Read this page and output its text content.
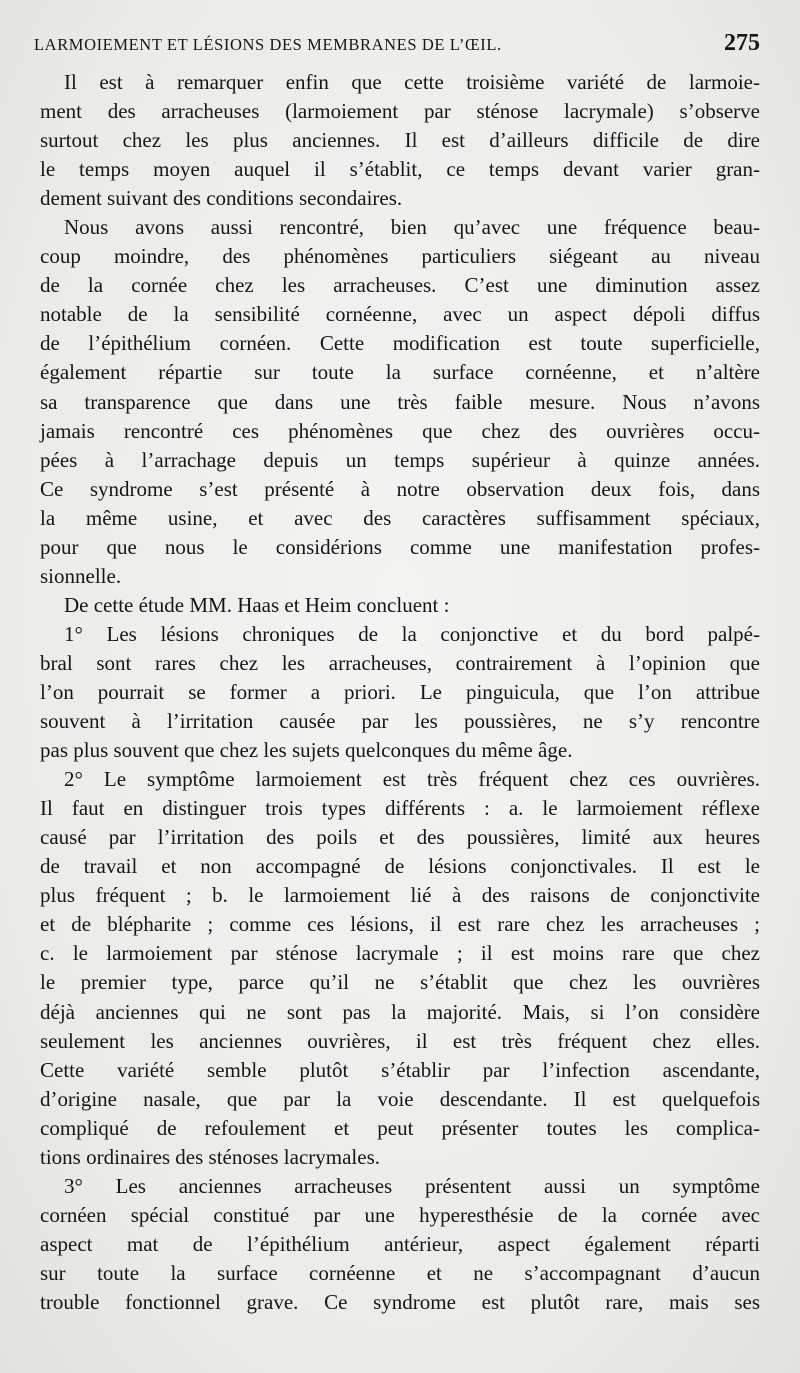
LARMOIEMENT ET LÉSIONS DES MEMBRANES DE L’ŒIL.	275
Il est à remarquer enfin que cette troisième variété de larmoie-
ment des arracheuses (larmoiement par sténose lacrymale) s’observe
surtout chez les plus anciennes. Il est d’ailleurs difficile de dire
le temps moyen auquel il s’établit, ce temps devant varier gran-
dement suivant des conditions secondaires.
Nous avons aussi rencontré, bien qu’avec une fréquence beau-
coup moindre, des phénomènes particuliers siégeant au niveau
de la cornée chez les arracheuses. C’est une diminution assez
notable de la sensibilité cornéenne, avec un aspect dépoli diffus
de l’épithélium cornéen. Cette modification est toute superficielle,
également répartie sur toute la surface cornéenne, et n’altère
sa transparence que dans une très faible mesure. Nous n’avons
jamais rencontré ces phénomènes que chez des ouvrières occu-
pées à l’arrachage depuis un temps supérieur à quinze années.
Ce syndrome s’est présenté à notre observation deux fois, dans
la même usine, et avec des caractères suffisamment spéciaux,
pour que nous le considérions comme une manifestation profes-
sionnelle.
De cette étude MM. Haas et Heim concluent :
1° Les lésions chroniques de la conjonctive et du bord palpé-
bral sont rares chez les arracheuses, contrairement à l’opinion que
l’on pourrait se former a priori. Le pinguicula, que l’on attribue
souvent à l’irritation causée par les poussières, ne s’y rencontre
pas plus souvent que chez les sujets quelconques du même âge.
2° Le symptôme larmoiement est très fréquent chez ces ouvrières.
Il faut en distinguer trois types différents : a. le larmoiement réflexe
causé par l’irritation des poils et des poussières, limité aux heures
de travail et non accompagné de lésions conjonctivales. Il est le
plus fréquent ; b. le larmoiement lié à des raisons de conjonctivite
et de blépharite ; comme ces lésions, il est rare chez les arracheuses ;
c. le larmoiement par sténose lacrymale ; il est moins rare que chez
le premier type, parce qu’il ne s’établit que chez les ouvrières
déjà anciennes qui ne sont pas la majorité. Mais, si l’on considère
seulement les anciennes ouvrières, il est très fréquent chez elles.
Cette variété semble plutôt s’établir par l’infection ascendante,
d’origine nasale, que par la voie descendante. Il est quelquefois
compliqué de refoulement et peut présenter toutes les complica-
tions ordinaires des sténoses lacrymales.
3° Les anciennes arracheuses présentent aussi un symptôme
cornéen spécial constitué par une hyperesthésie de la cornée avec
aspect mat de l’épithélium antérieur, aspect également réparti
sur toute la surface cornéenne et ne s’accompagnant d’aucun
trouble fonctionnel grave. Ce syndrome est plutôt rare, mais ses
